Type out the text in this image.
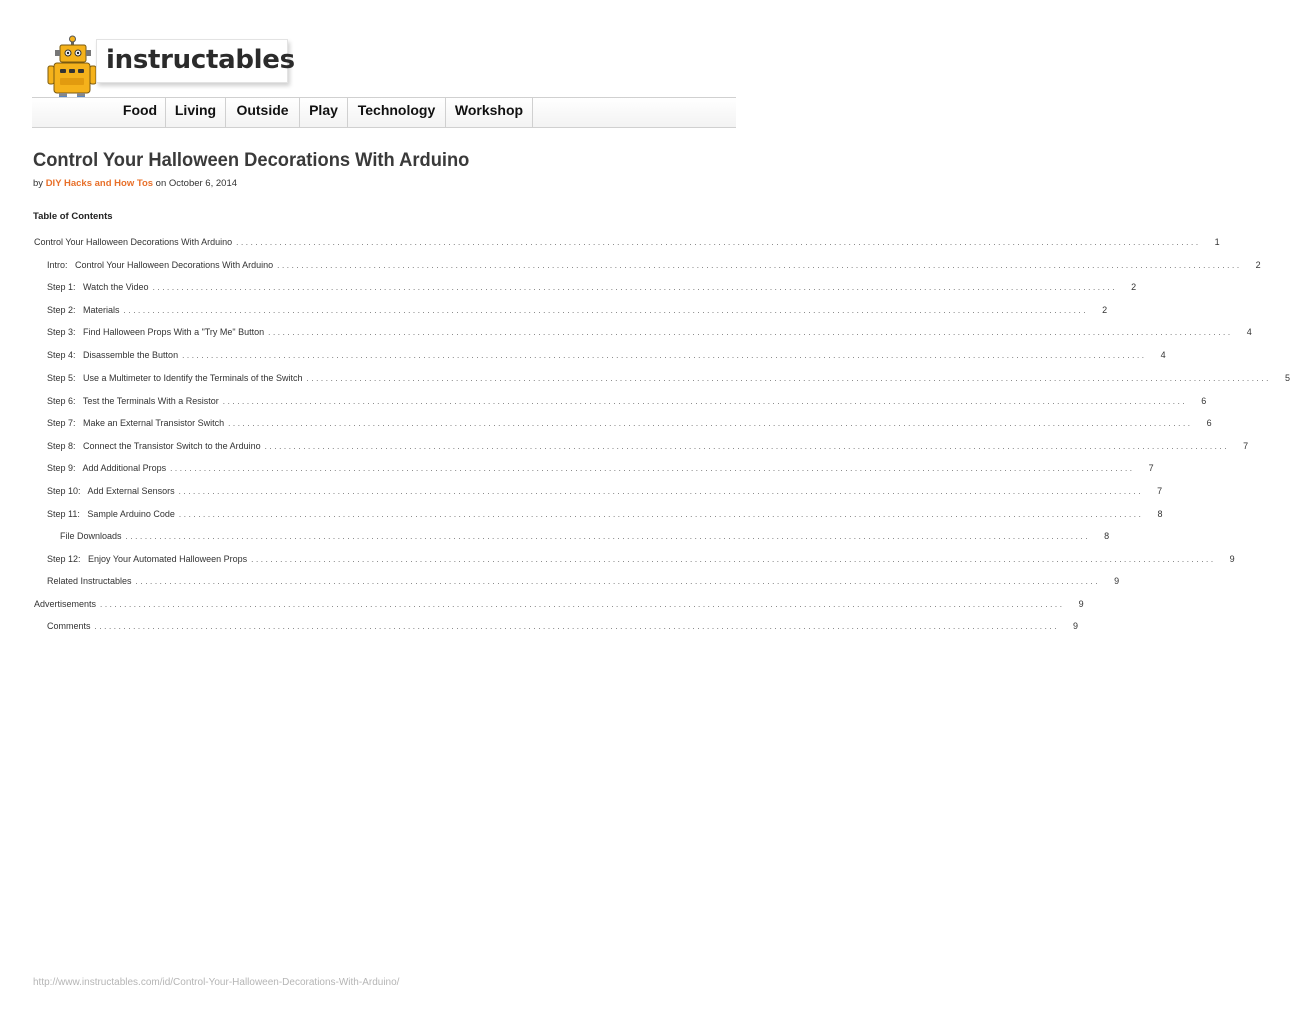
instructables
Food	Living	Outside	Play	Technology	Workshop
Control Your Halloween Decorations With Arduino
by DIY Hacks and How Tos on October 6, 2014
Table of Contents
Control Your Halloween Decorations With Arduino ........................................................................................................................................................................................................ 1
Intro:   Control Your Halloween Decorations With Arduino ........................................................................................................................................................................................................ 2
Step 1:   Watch the Video ........................................................................................................................................................................................................ 2
Step 2:   Materials ........................................................................................................................................................................................................ 2
Step 3:   Find Halloween Props With a "Try Me" Button ........................................................................................................................................................................................................ 4
Step 4:   Disassemble the Button ........................................................................................................................................................................................................ 4
Step 5:   Use a Multimeter to Identify the Terminals of the Switch ........................................................................................................................................................................................................ 5
Step 6:   Test the Terminals With a Resistor ........................................................................................................................................................................................................ 6
Step 7:   Make an External Transistor Switch ........................................................................................................................................................................................................ 6
Step 8:   Connect the Transistor Switch to the Arduino ........................................................................................................................................................................................................ 7
Step 9:   Add Additional Props ........................................................................................................................................................................................................ 7
Step 10:   Add External Sensors ........................................................................................................................................................................................................ 7
Step 11:   Sample Arduino Code ........................................................................................................................................................................................................ 8
File Downloads ........................................................................................................................................................................................................ 8
Step 12:   Enjoy Your Automated Halloween Props ........................................................................................................................................................................................................ 9
Related Instructables ........................................................................................................................................................................................................ 9
Advertisements ........................................................................................................................................................................................................ 9
Comments ........................................................................................................................................................................................................ 9
http://www.instructables.com/id/Control-Your-Halloween-Decorations-With-Arduino/
